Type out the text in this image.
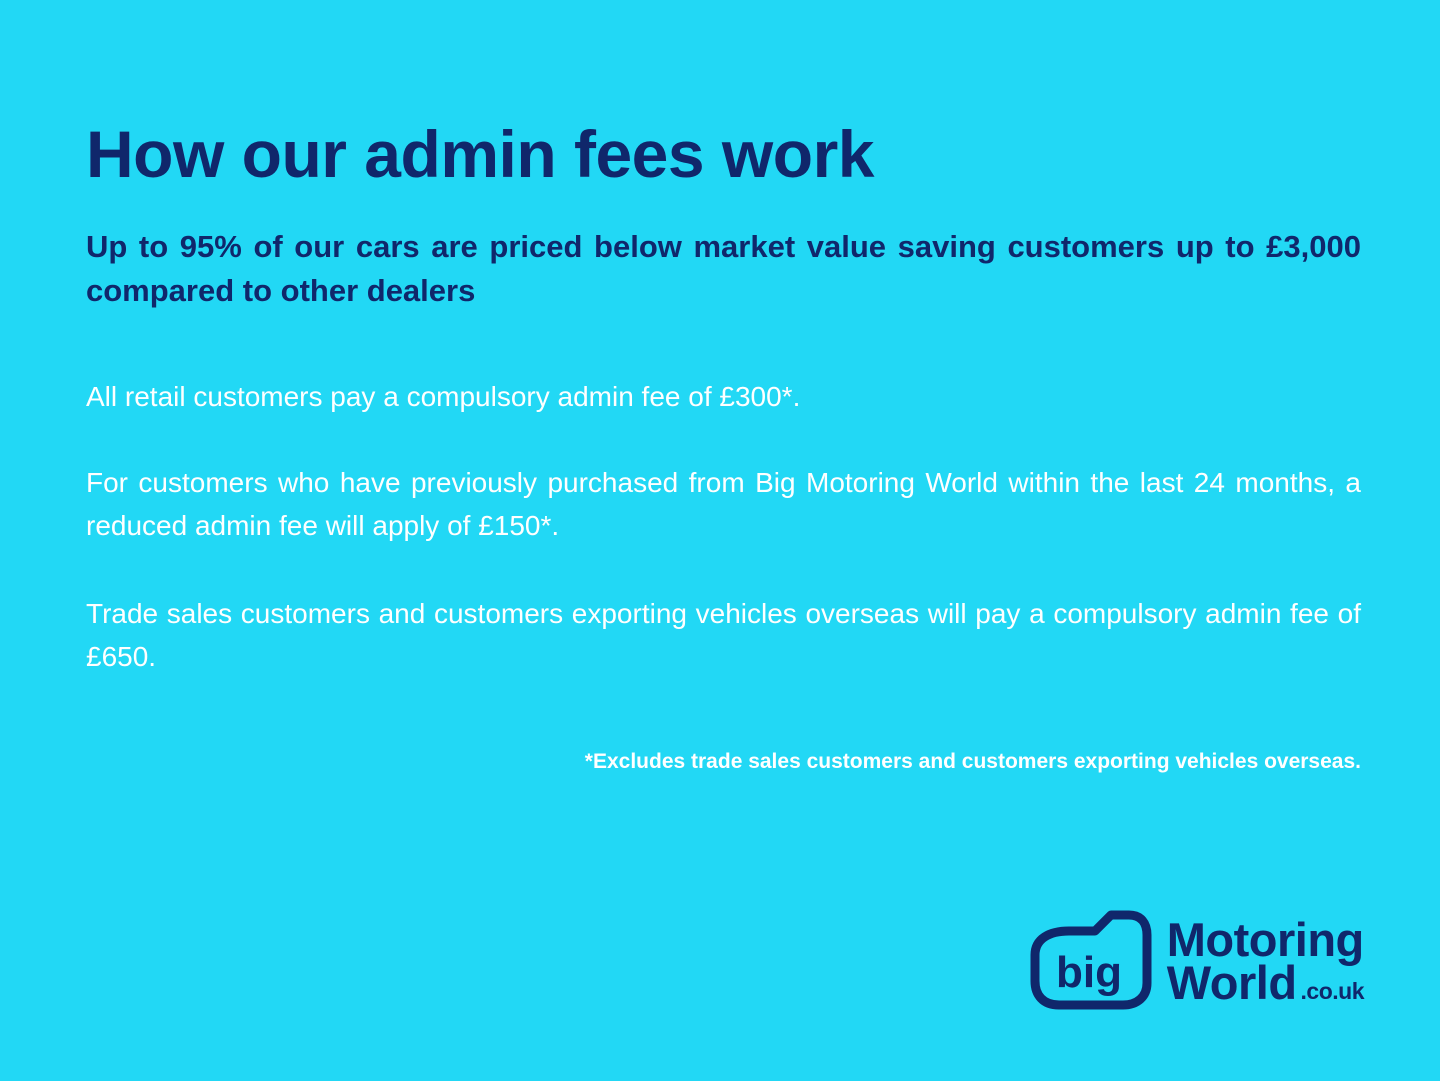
How our admin fees work

Up to 95% of our cars are priced below market value saving customers up to £3,000 compared to other dealers

All retail customers pay a compulsory admin fee of £300*.

For customers who have previously purchased from Big Motoring World within the last 24 months, a reduced admin fee will apply of £150*.

Trade sales customers and customers exporting vehicles overseas will pay a compulsory admin fee of £650.

*Excludes trade sales customers and customers exporting vehicles overseas.

big
Motoring
World .co.uk
